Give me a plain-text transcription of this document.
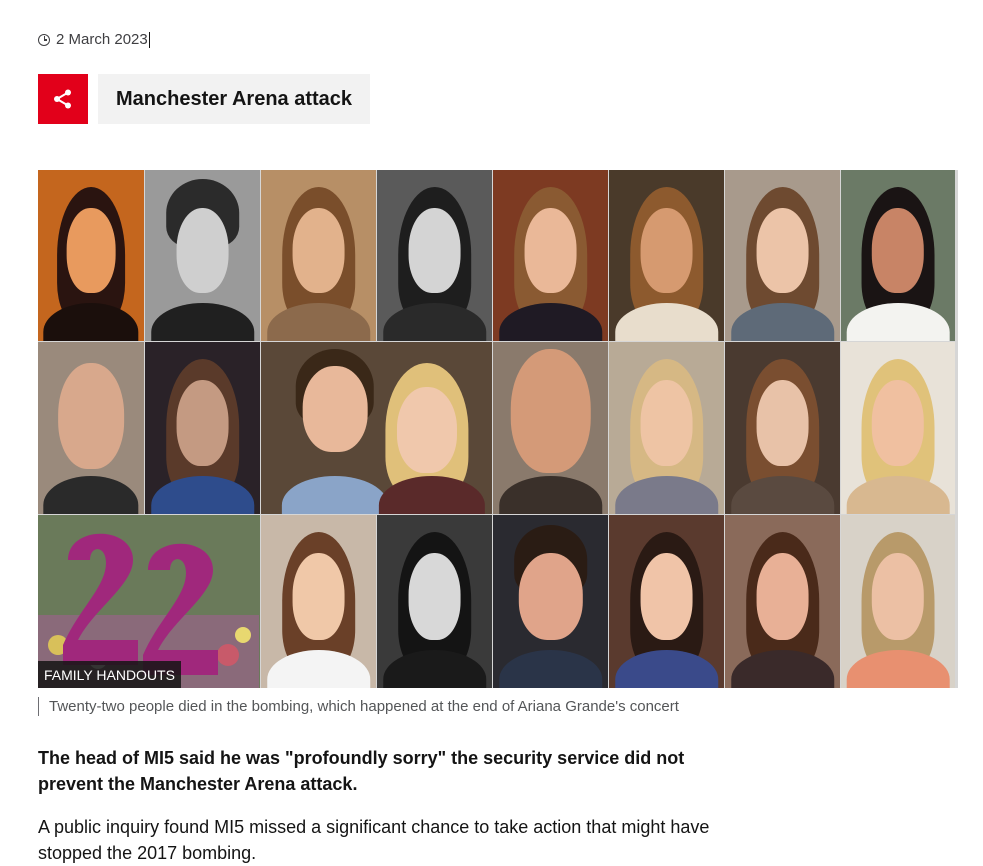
2 March 2023
Manchester Arena attack
FAMILY HANDOUTS
Twenty-two people died in the bombing, which happened at the end of Ariana Grande's concert

The head of MI5 said he was "profoundly sorry" the security service did not prevent the Manchester Arena attack.

A public inquiry found MI5 missed a significant chance to take action that might have stopped the 2017 bombing.
